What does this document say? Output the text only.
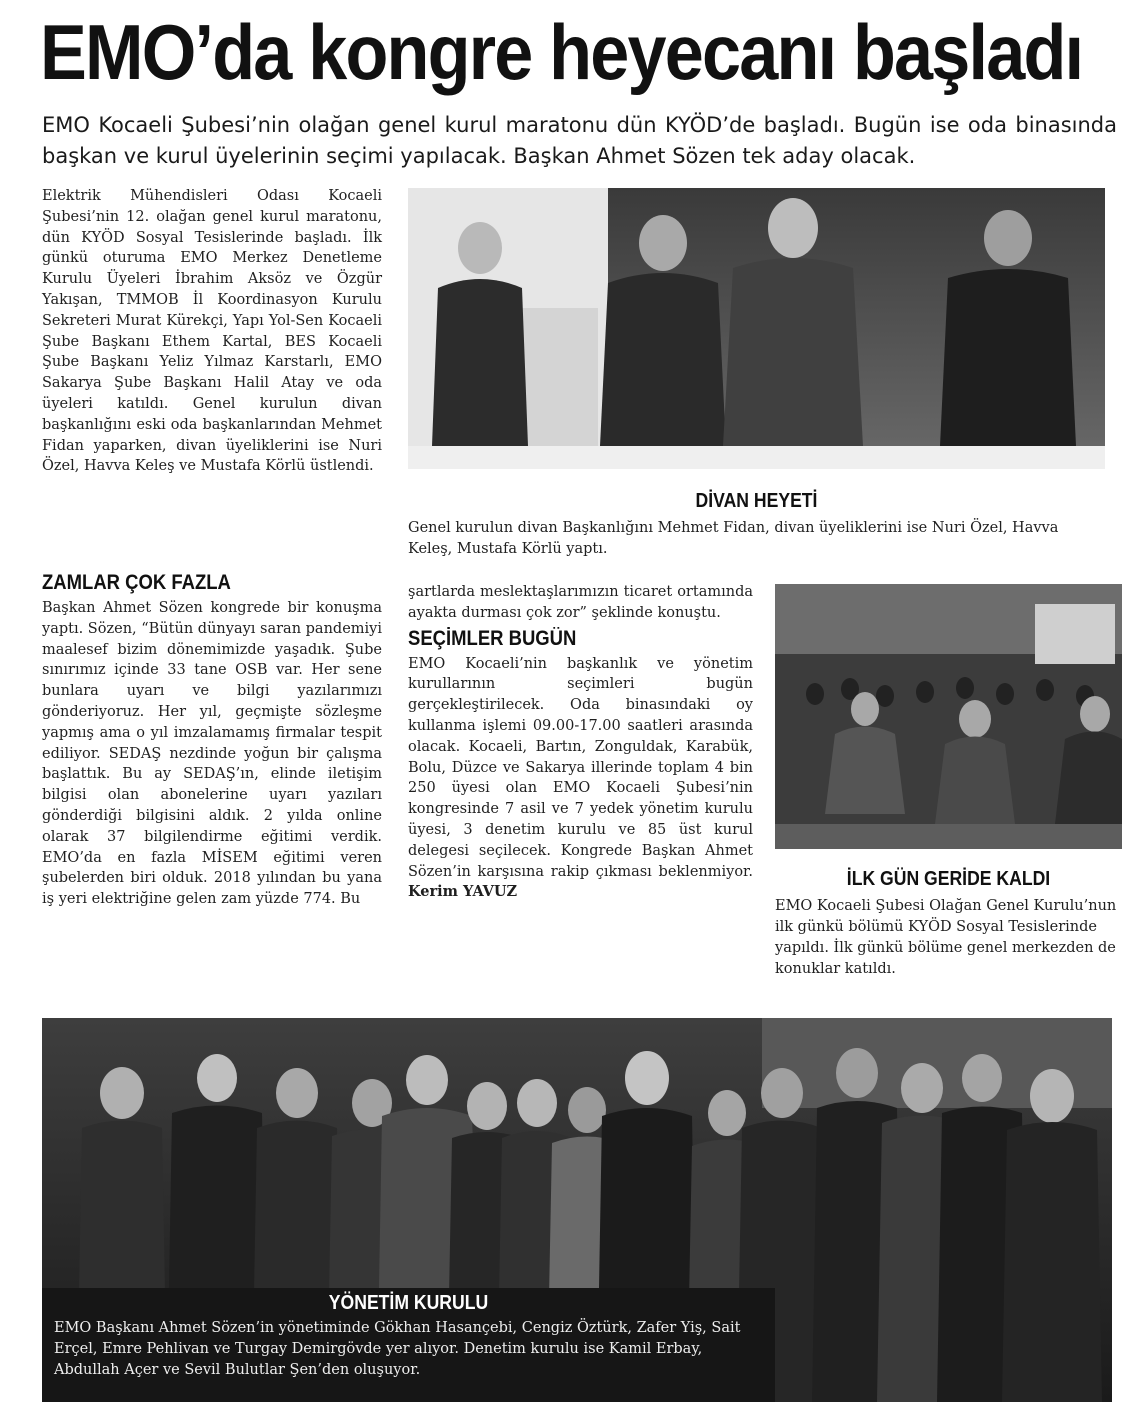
EMO’da kongre heyecanı başladı

EMO Kocaeli Şubesi’nin olağan genel kurul maratonu dün KYÖD’de başladı. Bugün ise oda binasında başkan ve kurul üyelerinin seçimi yapılacak. Başkan Ahmet Sözen tek aday olacak.

Elektrik Mühendisleri Odası Kocaeli Şubesi’nin 12. olağan genel kurul maratonu, dün KYÖD Sosyal Tesislerinde başladı. İlk günkü oturuma EMO Merkez Denetleme Kurulu Üyeleri İbrahim Aksöz ve Özgür Yakışan, TMMOB İl Koordinasyon Kurulu Sekreteri Murat Kürekçi, Yapı Yol-Sen Kocaeli Şube Başkanı Ethem Kartal, BES Kocaeli Şube Başkanı Yeliz Yılmaz Karstarlı, EMO Sakarya Şube Başkanı Halil Atay ve oda üyeleri katıldı. Genel kurulun divan başkanlığını eski oda başkanlarından Mehmet Fidan yaparken, divan üyeliklerini ise Nuri Özel, Havva Keleş ve Mustafa Körlü üstlendi.

ZAMLAR ÇOK FAZLA

Başkan Ahmet Sözen kongrede bir konuşma yaptı. Sözen, “Bütün dünyayı saran pandemiyi maalesef bizim dönemimizde yaşadık. Şube sınırımız içinde 33 tane OSB var. Her sene bunlara uyarı ve bilgi yazılarımızı gönderiyoruz. Her yıl, geçmişte sözleşme yapmış ama o yıl imzalamamış firmalar tespit ediliyor. SEDAŞ nezdinde yoğun bir çalışma başlattık. Bu ay SEDAŞ’ın, elinde iletişim bilgisi olan abonelerine uyarı yazıları gönderdiği bilgisini aldık. 2 yılda online olarak 37 bilgilendirme eğitimi verdik. EMO’da en fazla MİSEM eğitimi veren şubelerden biri olduk. 2018 yılından bu yana iş yeri elektriğine gelen zam yüzde 774. Bu

DİVAN HEYETİ

Genel kurulun divan Başkanlığını Mehmet Fidan, divan üyeliklerini ise Nuri Özel, Havva Keleş, Mustafa Körlü yaptı.

şartlarda meslektaşlarımızın ticaret ortamında ayakta durması çok zor” şeklinde konuştu.

SEÇİMLER BUGÜN

EMO Kocaeli’nin başkanlık ve yönetim kurullarının seçimleri bugün gerçekleştirilecek. Oda binasındaki oy kullanma işlemi 09.00-17.00 saatleri arasında olacak. Kocaeli, Bartın, Zonguldak, Karabük, Bolu, Düzce ve Sakarya illerinde toplam 4 bin 250 üyesi olan EMO Kocaeli Şubesi’nin kongresinde 7 asil ve 7 yedek yönetim kurulu üyesi, 3 denetim kurulu ve 85 üst kurul delegesi seçilecek. Kongrede Başkan Ahmet Sözen’in karşısına rakip çıkması beklenmiyor. Kerim YAVUZ

İLK GÜN GERİDE KALDI

EMO Kocaeli Şubesi Olağan Genel Kurulu’nun ilk günkü bölümü KYÖD Sosyal Tesislerinde yapıldı. İlk günkü bölüme genel merkezden de konuklar katıldı.

YÖNETİM KURULU

EMO Başkanı Ahmet Sözen’in yönetiminde Gökhan Hasançebi, Cengiz Öztürk, Zafer Yiş, Sait Erçel, Emre Pehlivan ve Turgay Demirgövde yer alıyor. Denetim kurulu ise Kamil Erbay, Abdullah Açer ve Sevil Bulutlar Şen’den oluşuyor.
